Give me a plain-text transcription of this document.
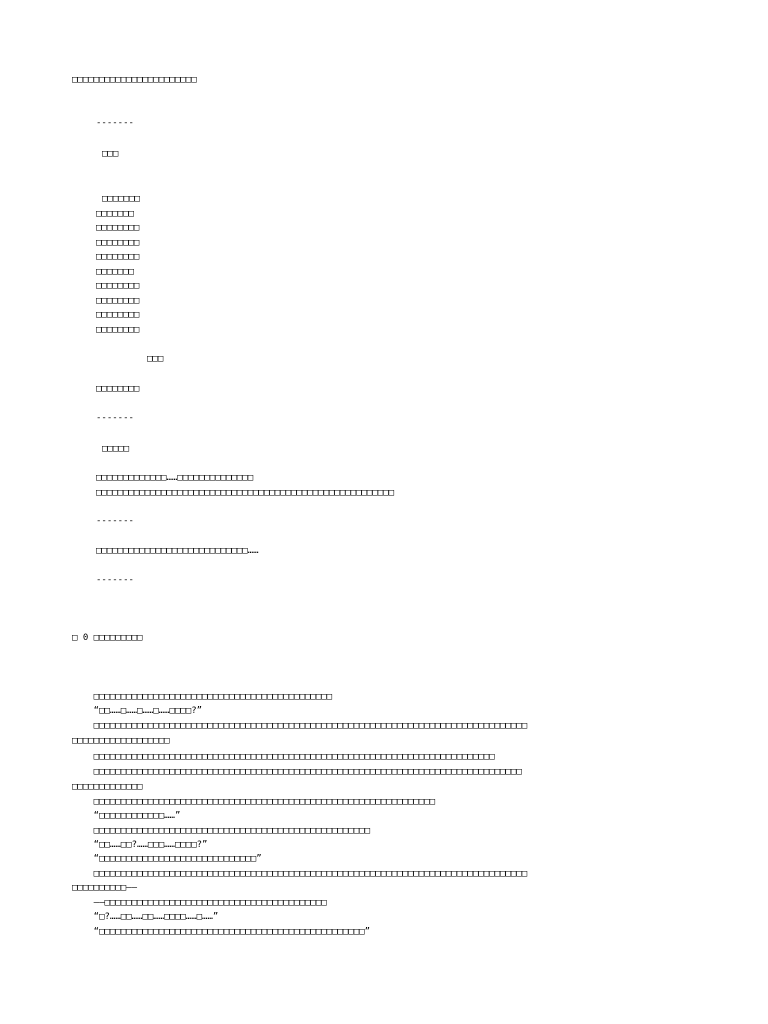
□□□□□□□□□□□□□□□□□□□□□□□

-------

□□□

□□□□□□□

□□□□□□□

□□□□□□□□

□□□□□□□□

□□□□□□□□

□□□□□□□

□□□□□□□□

□□□□□□□□

□□□□□□□□

□□□□□□□□

□□□

□□□□□□□□

-------

□□□□□

□□□□□□□□□□□□□……□□□□□□□□□□□□□□

□□□□□□□□□□□□□□□□□□□□□□□□□□□□□□□□□□□□□□□□□□□□□□□□□□□□□□□

-------

□□□□□□□□□□□□□□□□□□□□□□□□□□□□……

-------

□ 0 □□□□□□□□□

□□□□□□□□□□□□□□□□□□□□□□□□□□□□□□□□□□□□□□□□□□□□

“□□……□……□……□……□□□□?”

□□□□□□□□□□□□□□□□□□□□□□□□□□□□□□□□□□□□□□□□□□□□□□□□□□□□□□□□□□□□□□□□□□□□□□□□□□□□□□□□

□□□□□□□□□□□□□□□□□□

□□□□□□□□□□□□□□□□□□□□□□□□□□□□□□□□□□□□□□□□□□□□□□□□□□□□□□□□□□□□□□□□□□□□□□□□□□

□□□□□□□□□□□□□□□□□□□□□□□□□□□□□□□□□□□□□□□□□□□□□□□□□□□□□□□□□□□□□□□□□□□□□□□□□□□□□□□

□□□□□□□□□□□□□

□□□□□□□□□□□□□□□□□□□□□□□□□□□□□□□□□□□□□□□□□□□□□□□□□□□□□□□□□□□□□□□

“□□□□□□□□□□□□……”

□□□□□□□□□□□□□□□□□□□□□□□□□□□□□□□□□□□□□□□□□□□□□□□□□□□

“□□……□□?……□□□……□□□□?”

“□□□□□□□□□□□□□□□□□□□□□□□□□□□□□”

□□□□□□□□□□□□□□□□□□□□□□□□□□□□□□□□□□□□□□□□□□□□□□□□□□□□□□□□□□□□□□□□□□□□□□□□□□□□□□□□

□□□□□□□□□□——

——□□□□□□□□□□□□□□□□□□□□□□□□□□□□□□□□□□□□□□□□□

“□?……□□……□□……□□□□……□……”

“□□□□□□□□□□□□□□□□□□□□□□□□□□□□□□□□□□□□□□□□□□□□□□□□□”
